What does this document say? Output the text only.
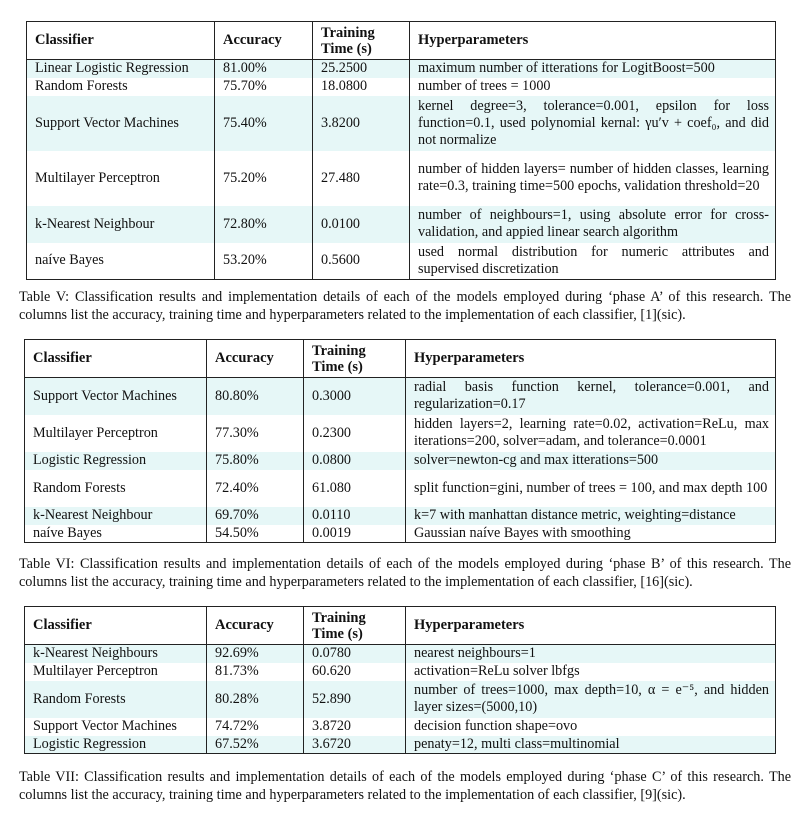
Classifier	Accuracy	Training Time (s)	Hyperparameters
Linear Logistic Regression	81.00%	25.2500	maximum number of itterations for LogitBoost=500
Random Forests	75.70%	18.0800	number of trees = 1000
Support Vector Machines	75.40%	3.8200	kernel degree=3, tolerance=0.001, epsilon for loss function=0.1, used polynomial kernal: γu′v + coef₀, and did not normalize
Multilayer Perceptron	75.20%	27.480	number of hidden layers= number of hidden classes, learning rate=0.3, training time=500 epochs, validation threshold=20
k-Nearest Neighbour	72.80%	0.0100	number of neighbours=1, using absolute error for cross-validation, and appied linear search algorithm
naíve Bayes	53.20%	0.5600	used normal distribution for numeric attributes and supervised discretization
Table V: Classification results and implementation details of each of the models employed during ‘phase A’ of this research. The columns list the accuracy, training time and hyperparameters related to the implementation of each classifier, [1](sic).
Classifier	Accuracy	Training Time (s)	Hyperparameters
Support Vector Machines	80.80%	0.3000	radial basis function kernel, tolerance=0.001, and regularization=0.17
Multilayer Perceptron	77.30%	0.2300	hidden layers=2, learning rate=0.02, activation=ReLu, max iterations=200, solver=adam, and tolerance=0.0001
Logistic Regression	75.80%	0.0800	solver=newton-cg and max itterations=500
Random Forests	72.40%	61.080	split function=gini, number of trees = 100, and max depth 100
k-Nearest Neighbour	69.70%	0.0110	k=7 with manhattan distance metric, weighting=distance
naíve Bayes	54.50%	0.0019	Gaussian naíve Bayes with smoothing
Table VI: Classification results and implementation details of each of the models employed during ‘phase B’ of this research. The columns list the accuracy, training time and hyperparameters related to the implementation of each classifier, [16](sic).
Classifier	Accuracy	Training Time (s)	Hyperparameters
k-Nearest Neighbours	92.69%	0.0780	nearest neighbours=1
Multilayer Perceptron	81.73%	60.620	activation=ReLu solver lbfgs
Random Forests	80.28%	52.890	number of trees=1000, max depth=10, α = e⁻⁵, and hidden layer sizes=(5000,10)
Support Vector Machines	74.72%	3.8720	decision function shape=ovo
Logistic Regression	67.52%	3.6720	penaty=12, multi class=multinomial
Table VII: Classification results and implementation details of each of the models employed during ‘phase C’ of this research. The columns list the accuracy, training time and hyperparameters related to the implementation of each classifier, [9](sic).
